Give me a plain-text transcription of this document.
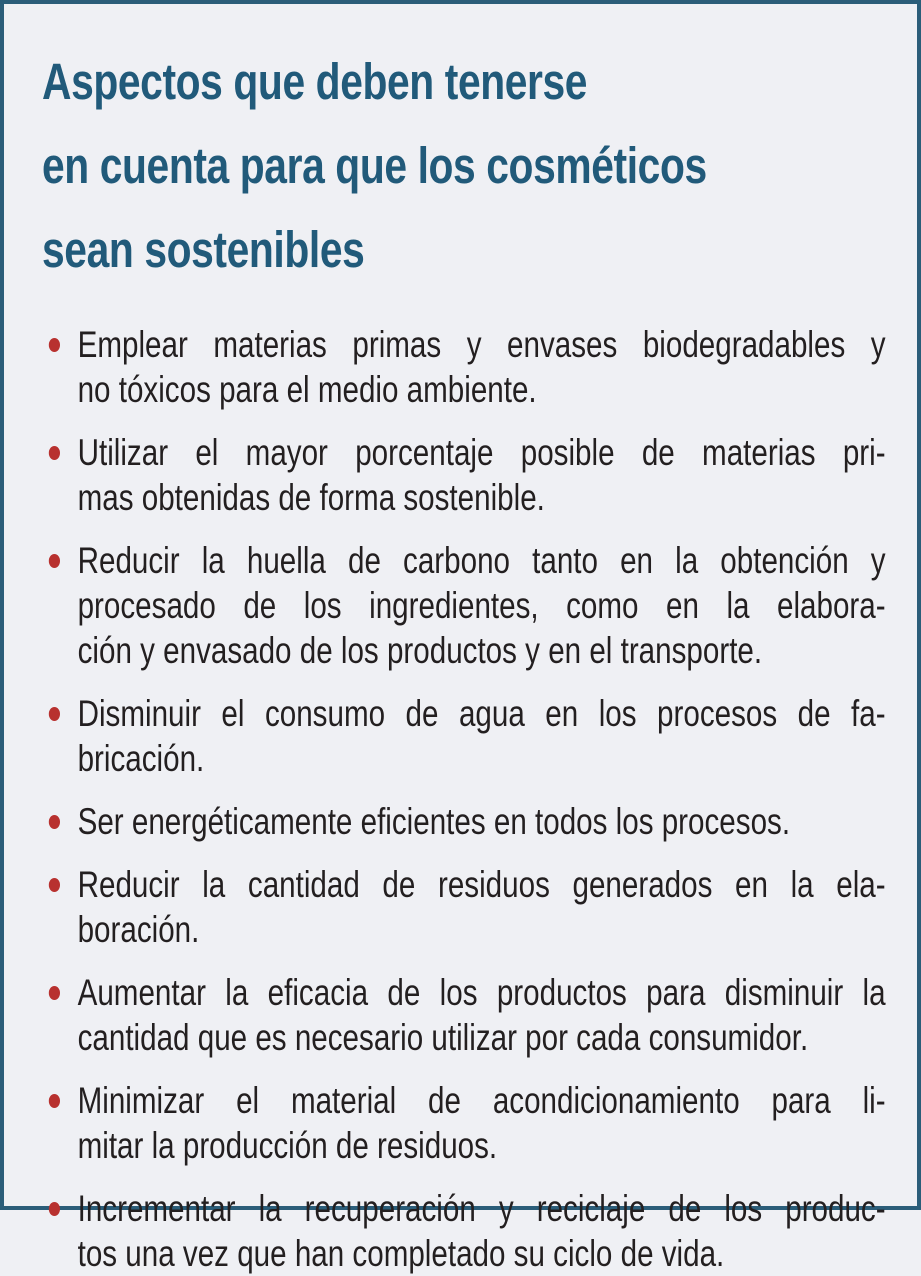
Aspectos que deben tenerse
en cuenta para que los cosméticos
sean sostenibles
Emplear materias primas y envases biodegradables y
no tóxicos para el medio ambiente.
Utilizar el mayor porcentaje posible de materias pri-
mas obtenidas de forma sostenible.
Reducir la huella de carbono tanto en la obtención y
procesado de los ingredientes, como en la elabora-
ción y envasado de los productos y en el transporte.
Disminuir el consumo de agua en los procesos de fa-
bricación.
Ser energéticamente eficientes en todos los procesos.
Reducir la cantidad de residuos generados en la ela-
boración.
Aumentar la eficacia de los productos para disminuir la
cantidad que es necesario utilizar por cada consumidor.
Minimizar el material de acondicionamiento para li-
mitar la producción de residuos.
Incrementar la recuperación y reciclaje de los produc-
tos una vez que han completado su ciclo de vida.
